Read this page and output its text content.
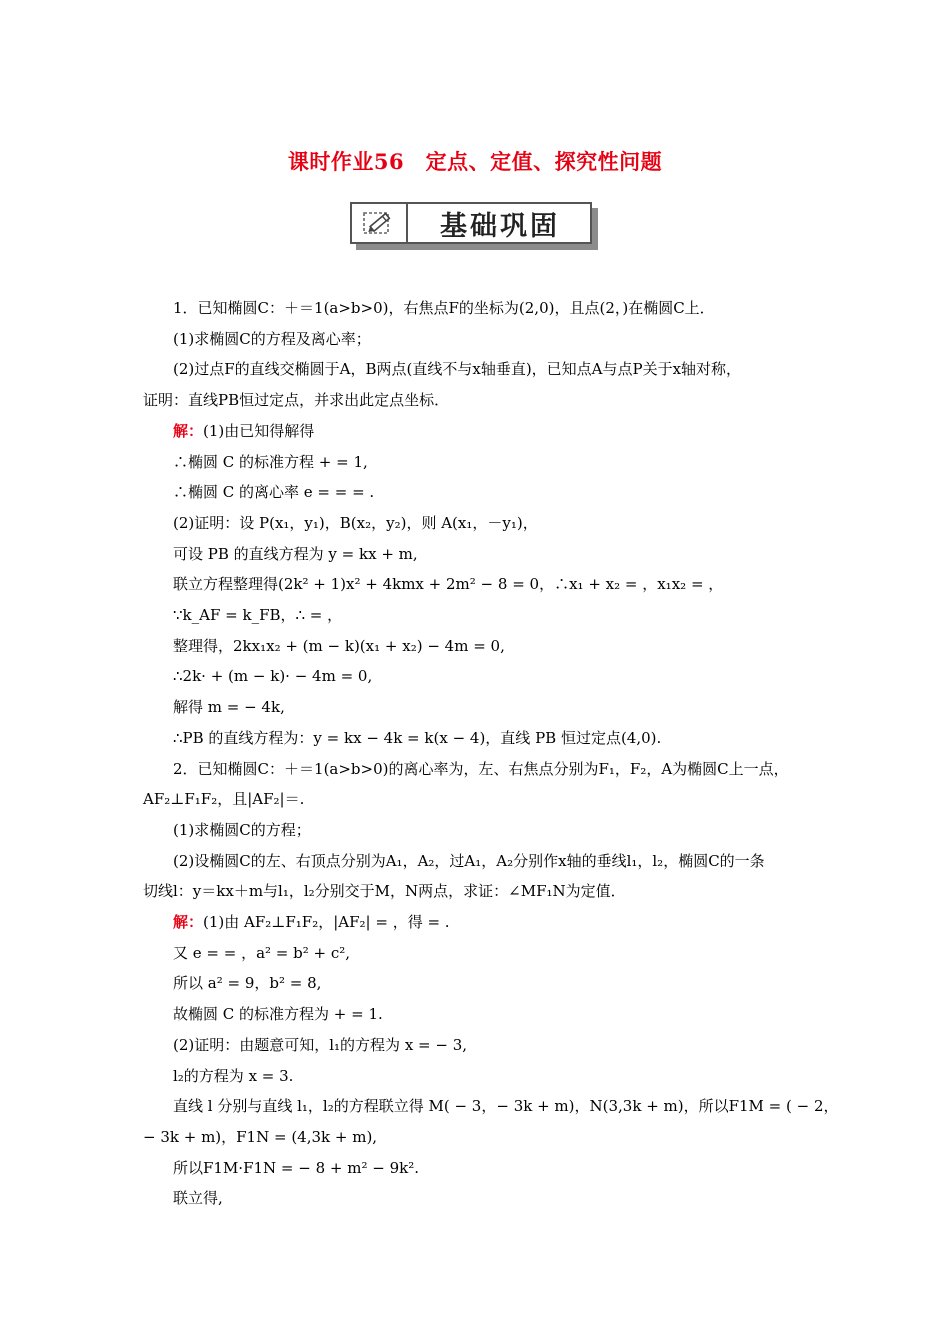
课时作业56　定点、定值、探究性问题
基础巩固

1．已知椭圆C：＋＝1(a>b>0)，右焦点F的坐标为(2,0)，且点(2，)在椭圆C上．

(1)求椭圆C的方程及离心率；

(2)过点F的直线交椭圆于A，B两点(直线不与x轴垂直)，已知点A与点P关于x轴对称，

证明：直线PB恒过定点，并求出此定点坐标．

解：(1)由已知得解得

∴椭圆 C 的标准方程 + = 1,

∴椭圆 C 的离心率 e = = = .

(2)证明：设 P(x₁，y₁)，B(x₂，y₂)，则 A(x₁，－y₁)，

可设 PB 的直线方程为 y = kx + m,

联立方程整理得(2k² + 1)x² + 4kmx + 2m² − 8 = 0，∴x₁ + x₂ = ，x₁x₂ = ，

∵k_AF = k_FB，∴ = ，

整理得，2kx₁x₂ + (m − k)(x₁ + x₂) − 4m = 0,

∴2k· + (m − k)· − 4m = 0,

解得 m = − 4k,

∴PB 的直线方程为：y = kx − 4k = k(x − 4)，直线 PB 恒过定点(4,0).

2．已知椭圆C：＋＝1(a>b>0)的离心率为，左、右焦点分别为F₁，F₂，A为椭圆C上一点，

AF₂⊥F₁F₂，且|AF₂|＝.

(1)求椭圆C的方程；

(2)设椭圆C的左、右顶点分别为A₁，A₂，过A₁，A₂分别作x轴的垂线l₁，l₂，椭圆C的一条

切线l：y＝kx＋m与l₁，l₂分别交于M，N两点，求证：∠MF₁N为定值．

解：(1)由 AF₂⊥F₁F₂，|AF₂| = ，得 = .

又 e = = ，a² = b² + c²,

所以 a² = 9，b² = 8,

故椭圆 C 的标准方程为 + = 1.

(2)证明：由题意可知，l₁的方程为 x = − 3,

l₂的方程为 x = 3.

直线 l 分别与直线 l₁，l₂的方程联立得 M( − 3，− 3k + m)，N(3,3k + m)，所以F1M = ( − 2，

− 3k + m)，F1N = (4,3k + m),

所以F1M·F1N = − 8 + m² − 9k².

联立得,
